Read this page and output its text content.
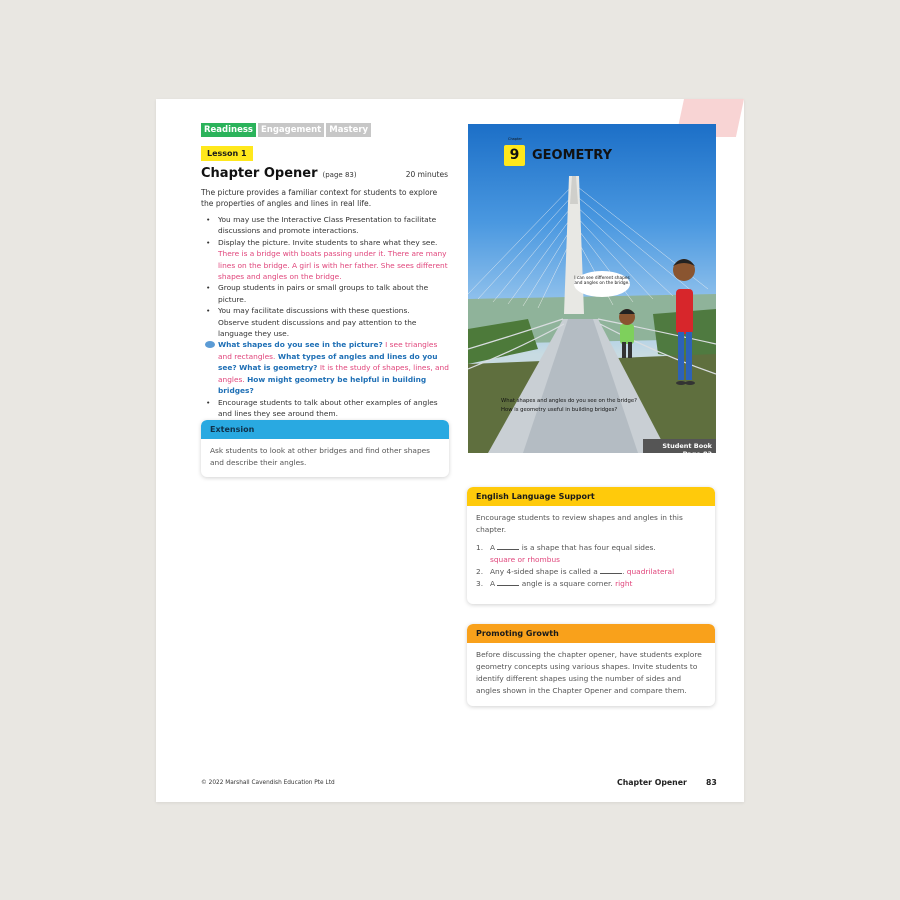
Readiness Engagement Mastery
Lesson 1
Chapter Opener (page 83)	20 minutes

The picture provides a familiar context for students to explore the properties of angles and lines in real life.

• You may use the Interactive Class Presentation to facilitate discussions and promote interactions.
• Display the picture. Invite students to share what they see.
There is a bridge with boats passing under it. There are many lines on the bridge. A girl is with her father. She sees different shapes and angles on the bridge.
• Group students in pairs or small groups to talk about the picture.
• You may facilitate discussions with these questions.
Observe student discussions and pay attention to the language they use.
What shapes do you see in the picture? I see triangles and rectangles. What types of angles and lines do you see? What is geometry? It is the study of shapes, lines, and angles. How might geometry be helpful in building bridges?
• Encourage students to talk about other examples of angles and lines they see around them.
Extension
Ask students to look at other bridges and find other shapes and describe their angles.
Chapter
9 GEOMETRY
I can see different shapes and angles on the bridge.
What shapes and angles do you see on the bridge?
How is geometry useful in building bridges?
Student Book Page 83
English Language Support
Encourage students to review shapes and angles in this chapter.
1. A	is a shape that has four equal sides.
square or rhombus
2. Any 4-sided shape is called a	. quadrilateral
3. A	angle is a square corner. right
Promoting Growth
Before discussing the chapter opener, have students explore geometry concepts using various shapes. Invite students to identify different shapes using the number of sides and angles shown in the Chapter Opener and compare them.
© 2022 Marshall Cavendish Education Pte Ltd	Chapter Opener 83
